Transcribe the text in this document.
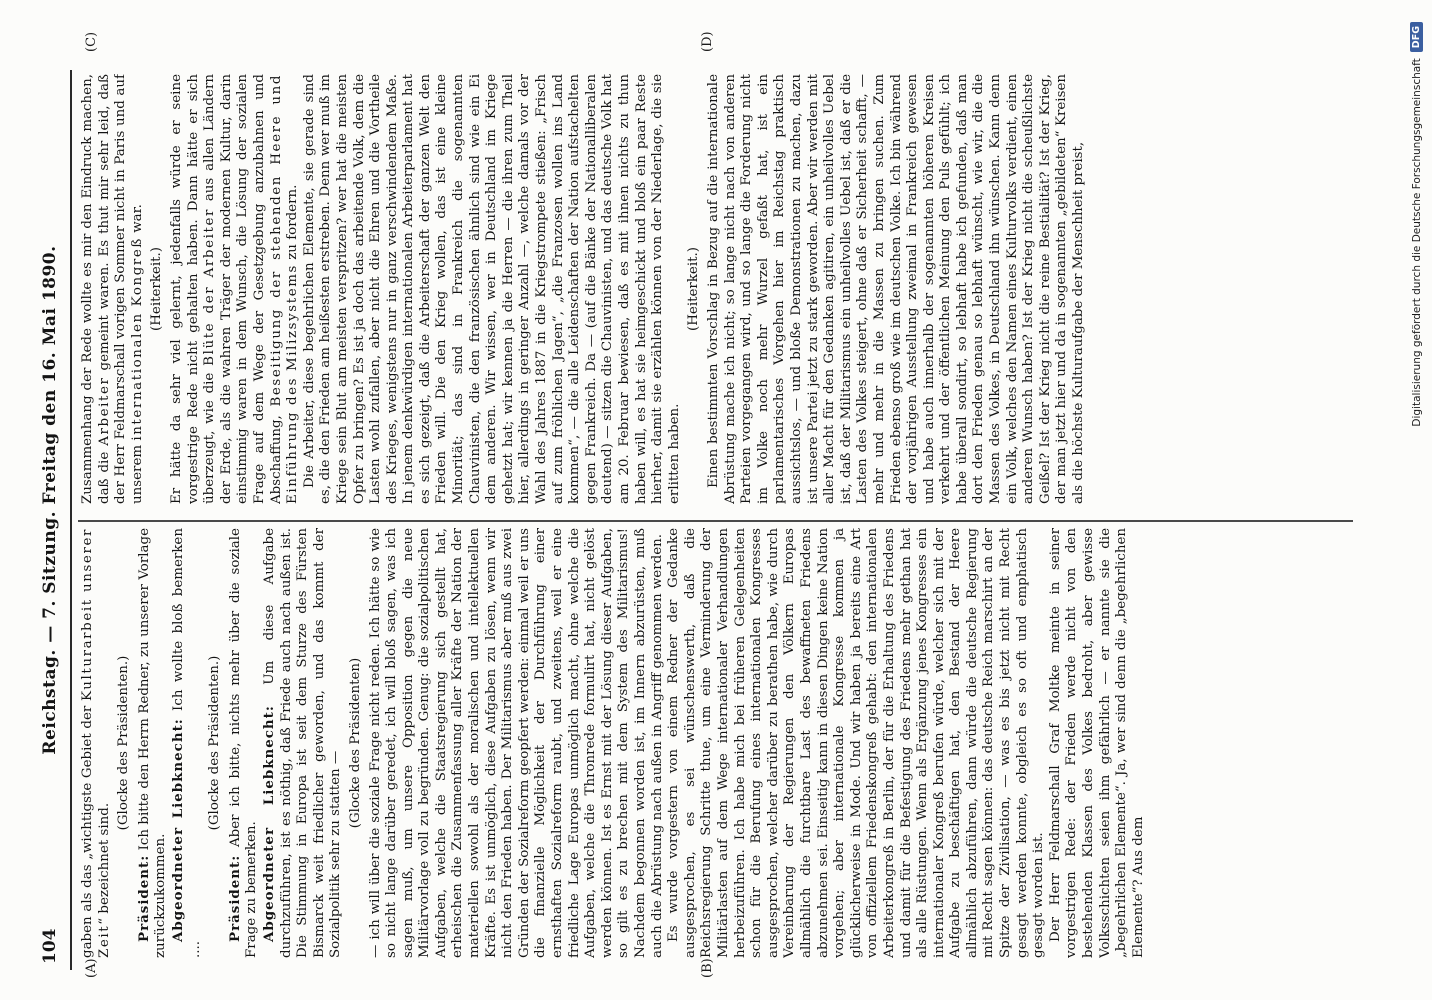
104
Reichstag. — 7. Sitzung. Freitag den 16. Mai 1890.
(A)	(B)
(C)	(D)

gaben als das „wichtigste Gebiet der Kulturarbeit unserer Zeit“ bezeichnet sind.

(Glocke des Präsidenten.)

Präsident: Ich bitte den Herrn Redner, zu unserer Vorlage zurückzukommen. Abgeordneter Liebknecht: Ich wollte bloß bemerken ....

(Glocke des Präsidenten.)

Präsident: Aber ich bitte, nichts mehr über die soziale Frage zu bemerken. Abgeordneter Liebknecht: Um diese Aufgabe durchzuführen, ist es nöthig, daß Friede auch nach außen ist. Die Stimmung in Europa ist seit dem Sturze des Fürsten Bismarck weit friedlicher geworden, und das kommt der Sozialpolitik sehr zu statten —

(Glocke des Präsidenten) — ich will über die soziale Frage nicht reden. Ich hätte so wie so nicht lange darüber geredet, ich will bloß sagen, was ich sagen muß, um unsere Opposition gegen die neue Militärvorlage voll zu begründen. Genug: die sozialpolitischen Aufgaben, welche die Staatsregierung sich gestellt hat, erheischen die Zusammenfassung aller Kräfte der Nation der materiellen sowohl als der moralischen und intellektuellen Kräfte. Es ist unmöglich, diese Aufgaben zu lösen, wenn wir nicht den Frieden haben. Der Militarismus aber muß aus zwei Gründen der Sozialreform geopfert werden: einmal weil er uns die finanzielle Möglichkeit der Durchführung einer ernsthaften Sozialreform raubt, und zweitens, weil er eine friedliche Lage Europas unmöglich macht, ohne welche die Aufgaben, welche die Thronrede formulirt hat, nicht gelöst werden können. Ist es Ernst mit der Lösung dieser Aufgaben, so gilt es zu brechen mit dem System des Militarismus! Nachdem begonnen worden ist, im Innern abzurüsten, muß auch die Abrüstung nach außen in Angriff genommen werden. Es wurde vorgestern von einem Redner der Gedanke ausgesprochen, es sei wünschenswerth, daß die Reichsregierung Schritte thue, um eine Verminderung der Militärlasten auf dem Wege internationaler Verhandlungen herbeizuführen. Ich habe mich bei früheren Gelegenheiten schon für die Berufung eines internationalen Kongresses ausgesprochen, welcher darüber zu berathen habe, wie durch Vereinbarung der Regierungen den Völkern Europas allmählich die furchtbare Last des bewaffneten Friedens abzunehmen sei. Einseitig kann in diesen Dingen keine Nation vorgehen; aber internationale Kongresse kommen ja glücklicherweise in Mode. Und wir haben ja bereits eine Art von offiziellem Friedenskongreß gehabt: den internationalen Arbeiterkongreß in Berlin, der für die Erhaltung des Friedens und damit für die Befestigung des Friedens mehr gethan hat als alle Rüstungen. Wenn als Ergänzung jenes Kongresses ein internationaler Kongreß berufen würde, welcher sich mit der Aufgabe zu beschäftigen hat, den Bestand der Heere allmählich abzuführen, dann würde die deutsche Regierung mit Recht sagen können: das deutsche Reich marschirt an der Spitze der Zivilisation, — was es bis jetzt nicht mit Recht gesagt werden konnte, obgleich es so oft und emphatisch gesagt worden ist. Der Herr Feldmarschall Graf Moltke meinte in seiner vorgestrigen Rede: der Frieden werde nicht von den bestehenden Klassen des Volkes bedroht, aber gewisse Volksschichten seien ihm gefährlich — er nannte sie die „begehrlichen Elemente“. Ja, wer sind denn die „begehrlichen Elemente“? Aus dem

Zusammenhang der Rede wollte es mir den Eindruck machen, daß die Arbeiter gemeint waren. Es thut mir sehr leid, daß der Herr Feldmarschall vorigen Sommer nicht in Paris und auf unserem internationalen Kongreß war.

(Heiterkeit.) Er hätte da sehr viel gelernt, jedenfalls würde er seine vorgestrige Rede nicht gehalten haben. Dann hätte er sich überzeugt, wie die Blüte der Arbeiter aus allen Ländern der Erde, als die wahren Träger der modernen Kultur, darin einstimmig waren in dem Wunsch, die Lösung der sozialen Frage auf dem Wege der Gesetzgebung anzubahnen und Abschaffung, Beseitigung der stehenden Heere und Einführung des Milizsystems zu fordern. Die Arbeiter, diese begehrlichen Elemente, sie gerade sind es, die den Frieden am heißesten erstreben. Denn wer muß im Kriege sein Blut am meisten verspritzen? wer hat die meisten Opfer zu bringen? Es ist ja doch das arbeitende Volk, dem die Lasten wohl zufallen, aber nicht die Ehren und die Vortheile des Krieges, wenigstens nur in ganz verschwindendem Maße. In jenem denkwürdigen internationalen Arbeiterparlament hat es sich gezeigt, daß die Arbeiterschaft der ganzen Welt den Frieden will. Die den Krieg wollen, das ist eine kleine Minorität; das sind in Frankreich die sogenannten Chauvinisten, die den französischen ähnlich sind wie ein Ei dem anderen. Wir wissen, wer in Deutschland im Kriege gehetzt hat; wir kennen ja die Herren — die ihren zum Theil hier, allerdings in geringer Anzahl —, welche damals vor der Wahl des Jahres 1887 in die Kriegstrompete stießen: „Frisch auf zum fröhlichen Jagen“, „die Franzosen wollen ins Land kommen“, — die alle Leidenschaften der Nation aufstachelten gegen Frankreich. Da — (auf die Bänke der Nationalliberalen deutend) — sitzen die Chauvinisten, und das deutsche Volk hat am 20. Februar bewiesen, daß es mit ihnen nichts zu thun haben will, es hat sie heimgeschickt und bloß ein paar Reste hierher, damit sie erzählen können von der Niederlage, die sie erlitten haben.

(Heiterkeit.) Einen bestimmten Vorschlag in Bezug auf die internationale Abrüstung mache ich nicht; so lange nicht nach von anderen Parteien vorgegangen wird, und so lange die Forderung nicht im Volke noch mehr Wurzel gefaßt hat, ist ein parlamentarisches Vorgehen hier im Reichstag praktisch aussichtslos, — und bloße Demonstrationen zu machen, dazu ist unsere Partei jetzt zu stark geworden. Aber wir werden mit aller Macht für den Gedanken agitiren, ein unheilvolles Uebel ist, daß der Militarismus ein unheilvolles Uebel ist, daß er die Lasten des Volkes steigert, ohne daß er Sicherheit schafft, — mehr und mehr in die Massen zu bringen suchen. Zum Frieden ebenso groß wie im deutschen Volke. Ich bin während der vorjährigen Ausstellung zweimal in Frankreich gewesen und habe auch innerhalb der sogenannten höheren Kreisen verkehrt und der öffentlichen Meinung den Puls gefühlt; ich habe überall sondirt, so lebhaft habe ich gefunden, daß man dort den Frieden genau so lebhaft wünscht, wie wir, die die Massen des Volkes, in Deutschland ihn wünschen. Kann denn ein Volk, welches den Namen eines Kulturvolks verdient, einen anderen Wunsch haben? Ist der Krieg nicht die scheußlichste Geißel? Ist der Krieg nicht die reine Bestialität? Ist der Krieg, der man jetzt hier und da in sogenannten „gebildeten“ Kreisen als die höchste Kulturaufgabe der Menschheit preist,	Digitalisierung gefördert durch die Deutsche ForschungsgemeinschaftDFG
